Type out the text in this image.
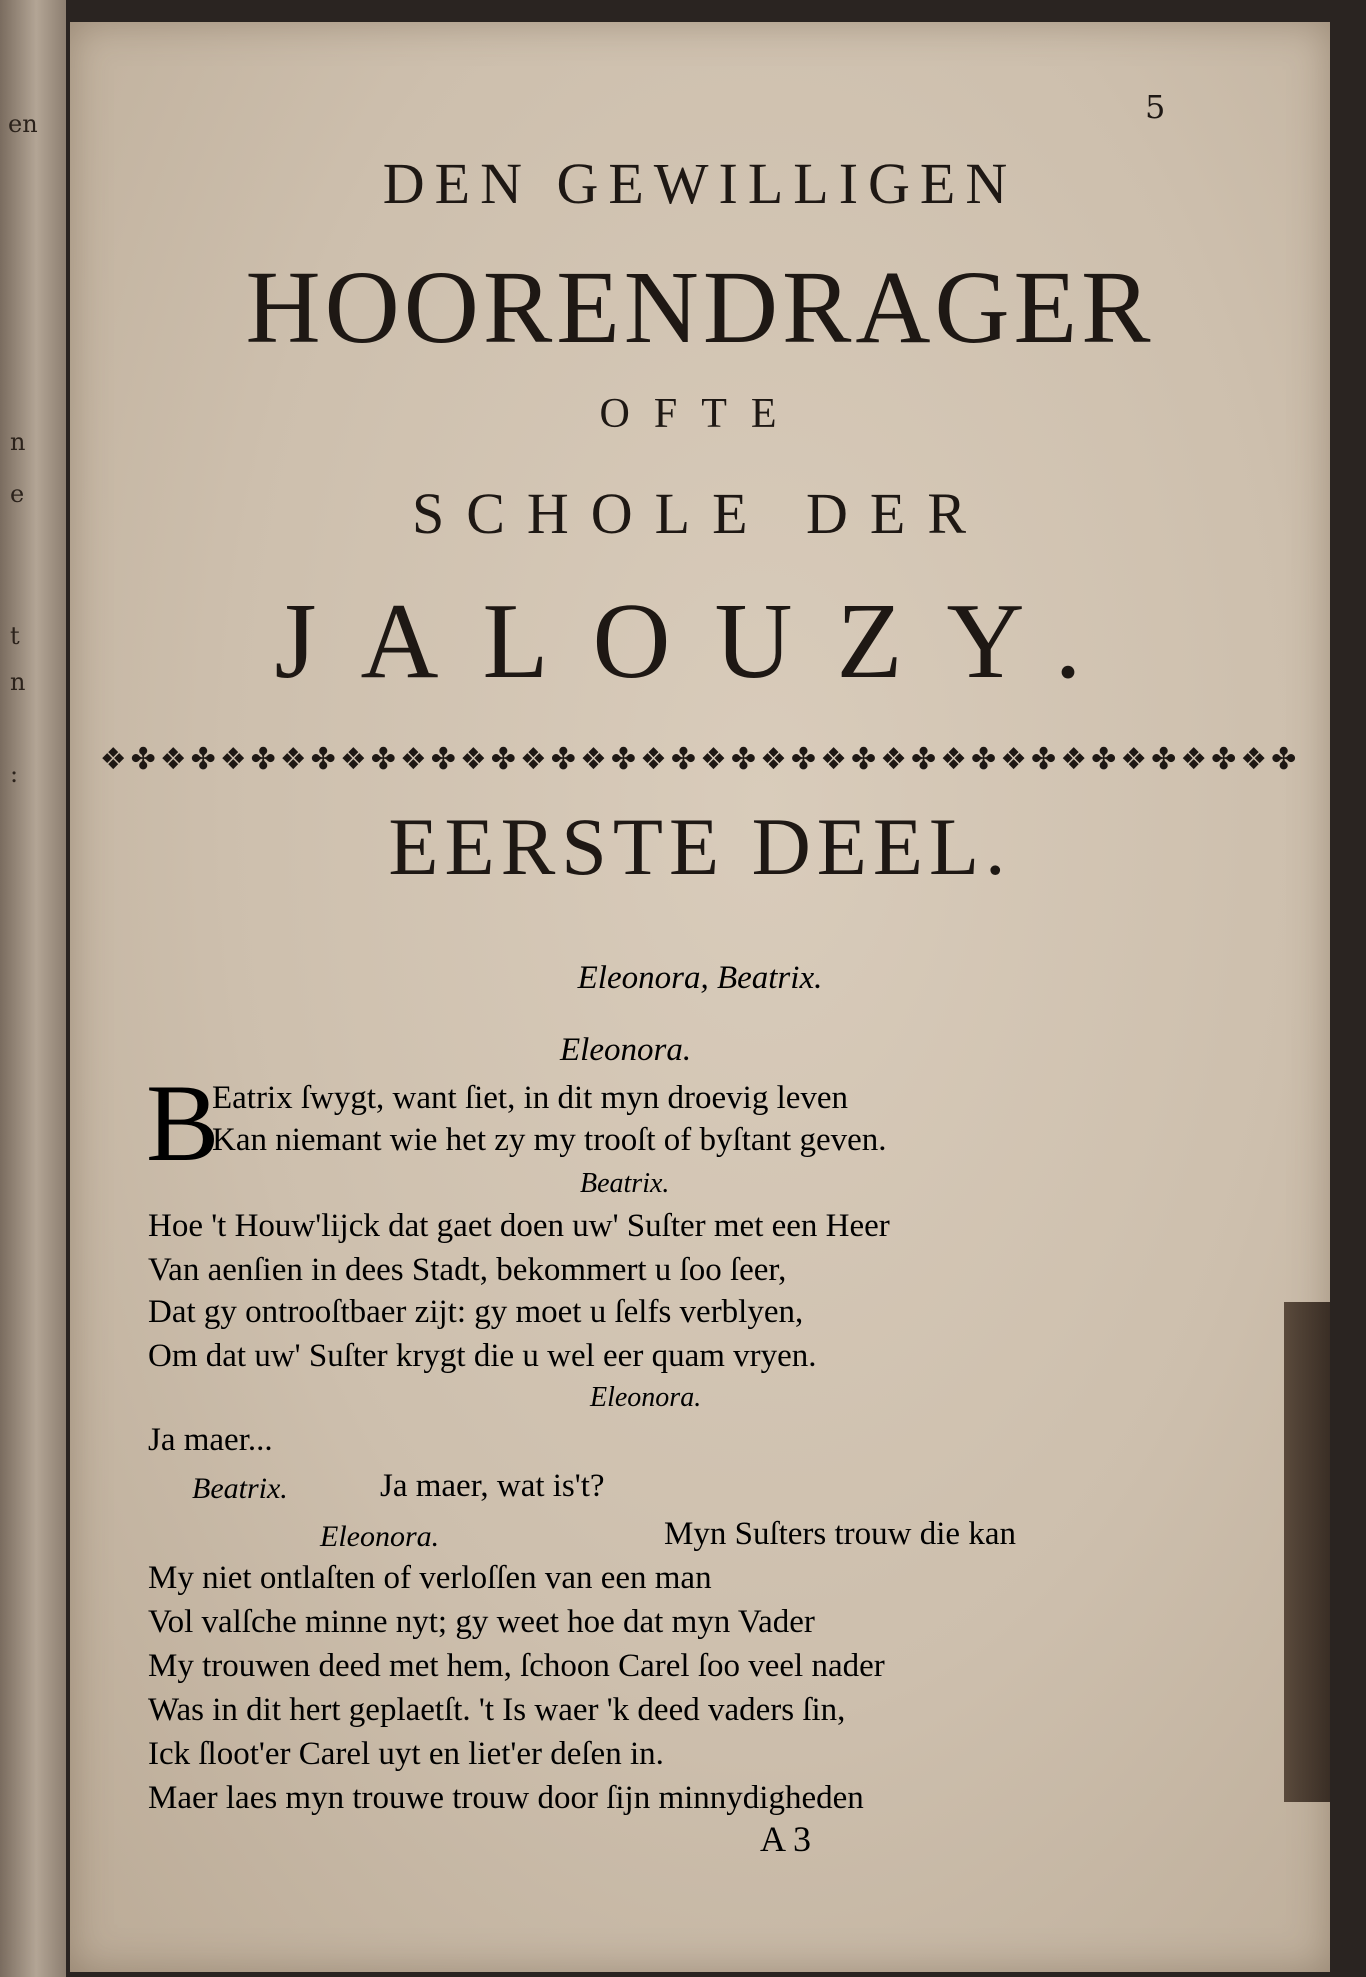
en
n
e
t
n
:
5
DEN GEWILLIGEN
HOORENDRAGER
OFTE
SCHOLE DER
JALOUZY.
❖✤❖✤❖✤❖✤❖✤❖✤❖✤❖✤❖✤❖✤❖✤❖✤❖✤❖✤❖✤❖✤❖✤❖✤❖✤❖✤
EERSTE DEEL.
Eleonora, Beatrix.
Eleonora.
B
Eatrix ſwygt, want ſiet, in dit myn droevig leven
Kan niemant wie het zy my trooſt of byſtant geven.
Beatrix.
Hoe 't Houw'lijck dat gaet doen uw' Suſter met een Heer
Van aenſien in dees Stadt, bekommert u ſoo ſeer,
Dat gy ontrooſtbaer zijt: gy moet u ſelfs verblyen,
Om dat uw' Suſter krygt die u wel eer quam vryen.
Eleonora.
Ja maer...
Beatrix.	Ja maer, wat is't?
Eleonora.	Myn Suſters trouw die kan
My niet ontlaſten of verloſſen van een man
Vol valſche minne nyt; gy weet hoe dat myn Vader
My trouwen deed met hem, ſchoon Carel ſoo veel nader
Was in dit hert geplaetſt. 't Is waer 'k deed vaders ſin,
Ick ſloot'er Carel uyt en liet'er deſen in.
Maer laes myn trouwe trouw door ſijn minnydigheden
A 3
